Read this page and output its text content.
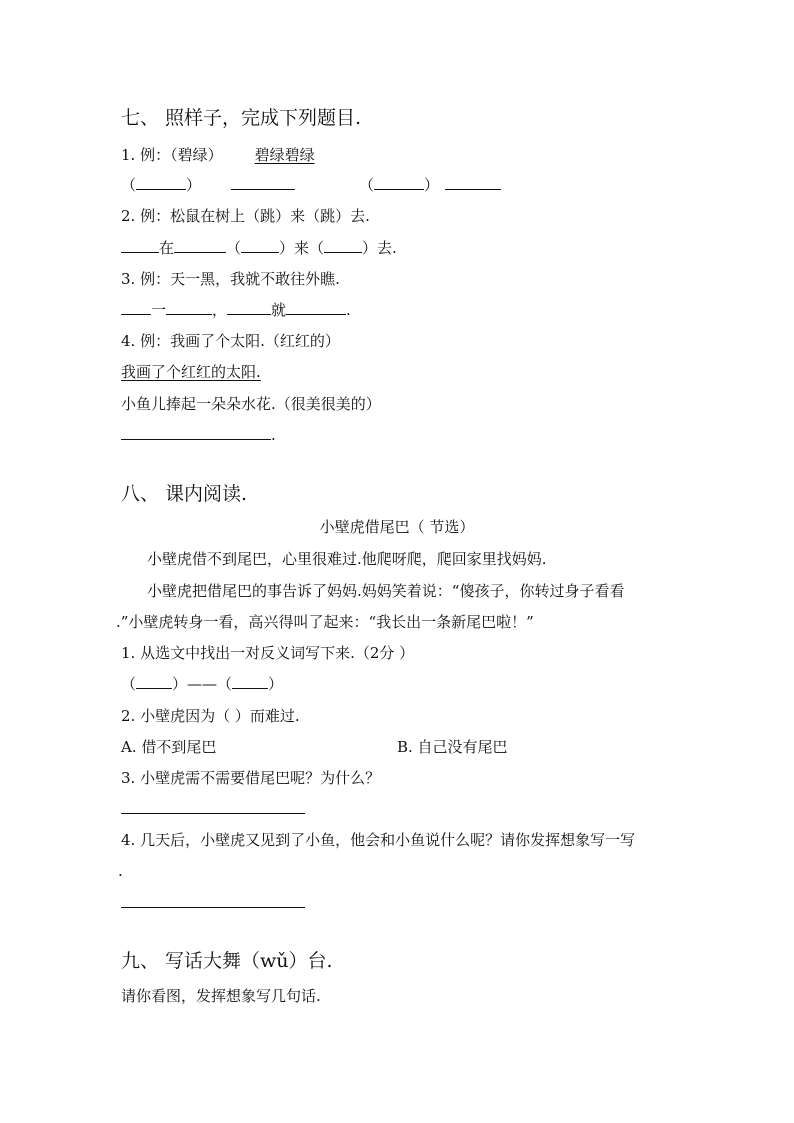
七、 照样子，完成下列题目.
1. 例：（碧绿） 碧绿碧绿
（	）	（	）
2. 例：松鼠在树上（跳）来（跳）去.
在	（	）来（	）去.
3. 例：天一黑，我就不敢往外瞧.
一	，	就	.
4. 例：我画了个太阳.（红红的）
我画了个红红的太阳.
小鱼儿捧起一朵朵水花.（很美很美的）
.
八、 课内阅读.
小壁虎借尾巴（ 节选）
小壁虎借不到尾巴，心里很难过.他爬呀爬，爬回家里找妈妈.
小壁虎把借尾巴的事告诉了妈妈.妈妈笑着说：“傻孩子，你转过身子看看
.”小壁虎转身一看，高兴得叫了起来：“我长出一条新尾巴啦！”
1. 从选文中找出一对反义词写下来.（2分 ）
（ ）——（ ）
2. 小壁虎因为（ ）而难过.
A. 借不到尾巴	B. 自己没有尾巴
3. 小壁虎需不需要借尾巴呢？为什么？
4. 几天后，小壁虎又见到了小鱼，他会和小鱼说什么呢？请你发挥想象写一写
.
九、 写话大舞（wǔ）台.
请你看图，发挥想象写几句话.
